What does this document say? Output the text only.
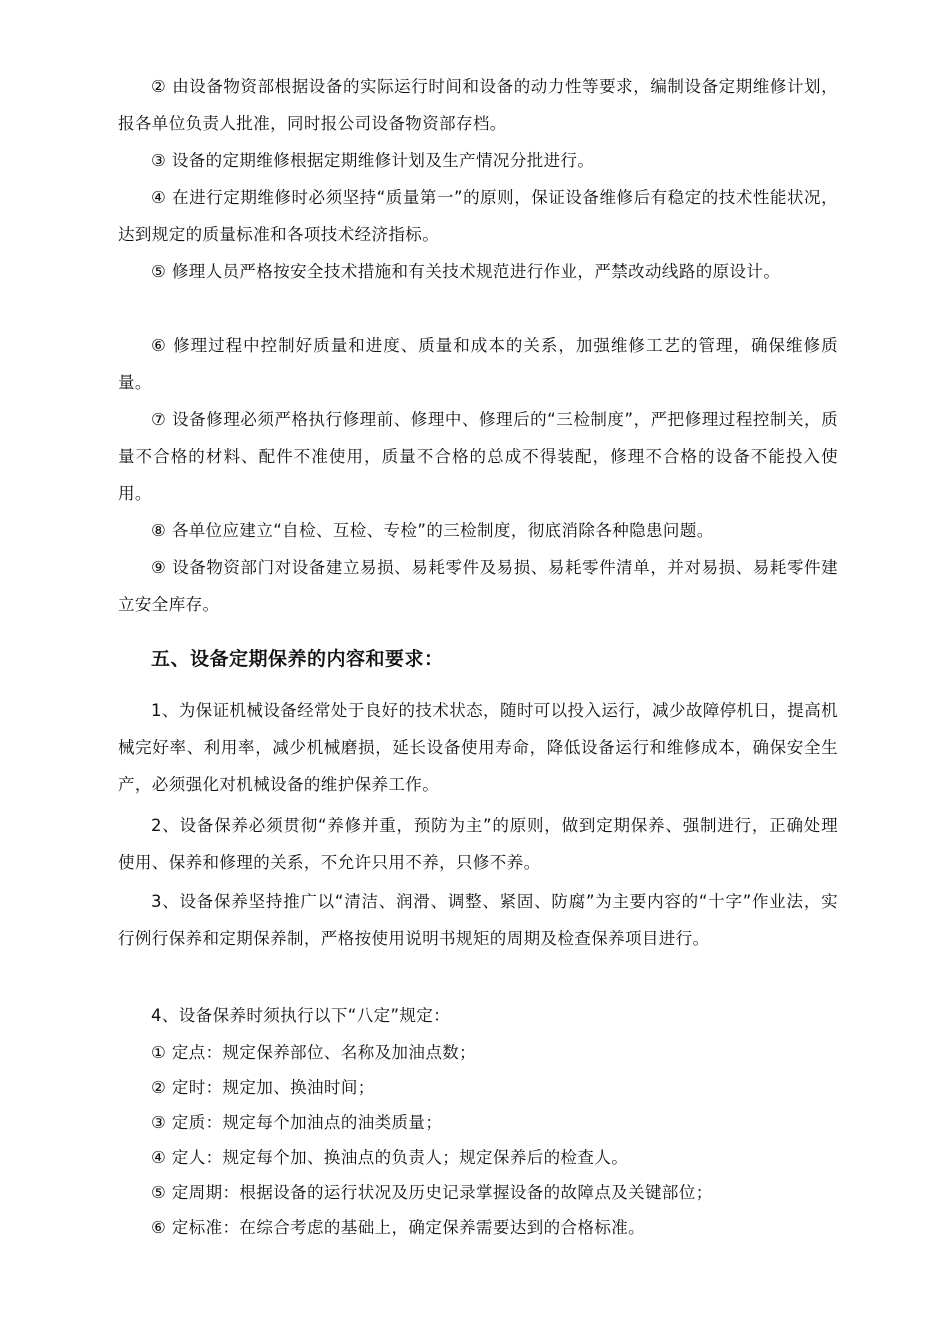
② 由设备物资部根据设备的实际运行时间和设备的动力性等要求，编制设备定期维修计划，报各单位负责人批准，同时报公司设备物资部存档。

③ 设备的定期维修根据定期维修计划及生产情况分批进行。

④ 在进行定期维修时必须坚持“质量第一”的原则，保证设备维修后有稳定的技术性能状况，达到规定的质量标准和各项技术经济指标。

⑤ 修理人员严格按安全技术措施和有关技术规范进行作业，严禁改动线路的原设计。

⑥ 修理过程中控制好质量和进度、质量和成本的关系，加强维修工艺的管理，确保维修质量。

⑦ 设备修理必须严格执行修理前、修理中、修理后的“三检制度”，严把修理过程控制关，质量不合格的材料、配件不准使用，质量不合格的总成不得装配，修理不合格的设备不能投入使用。

⑧ 各单位应建立“自检、互检、专检”的三检制度，彻底消除各种隐患问题。

⑨ 设备物资部门对设备建立易损、易耗零件及易损、易耗零件清单，并对易损、易耗零件建立安全库存。

五、设备定期保养的内容和要求：

1、为保证机械设备经常处于良好的技术状态，随时可以投入运行，减少故障停机日，提高机械完好率、利用率，减少机械磨损，延长设备使用寿命，降低设备运行和维修成本，确保安全生产，必须强化对机械设备的维护保养工作。

2、设备保养必须贯彻“养修并重，预防为主”的原则，做到定期保养、强制进行，正确处理使用、保养和修理的关系，不允许只用不养，只修不养。

3、设备保养坚持推广以“清洁、润滑、调整、紧固、防腐”为主要内容的“十字”作业法，实行例行保养和定期保养制，严格按使用说明书规矩的周期及检查保养项目进行。

4、设备保养时须执行以下“八定”规定：

① 定点：规定保养部位、名称及加油点数；

② 定时：规定加、换油时间；

③ 定质：规定每个加油点的油类质量；

④ 定人：规定每个加、换油点的负责人；规定保养后的检查人。

⑤ 定周期：根据设备的运行状况及历史记录掌握设备的故障点及关键部位；

⑥ 定标准：在综合考虑的基础上，确定保养需要达到的合格标准。
